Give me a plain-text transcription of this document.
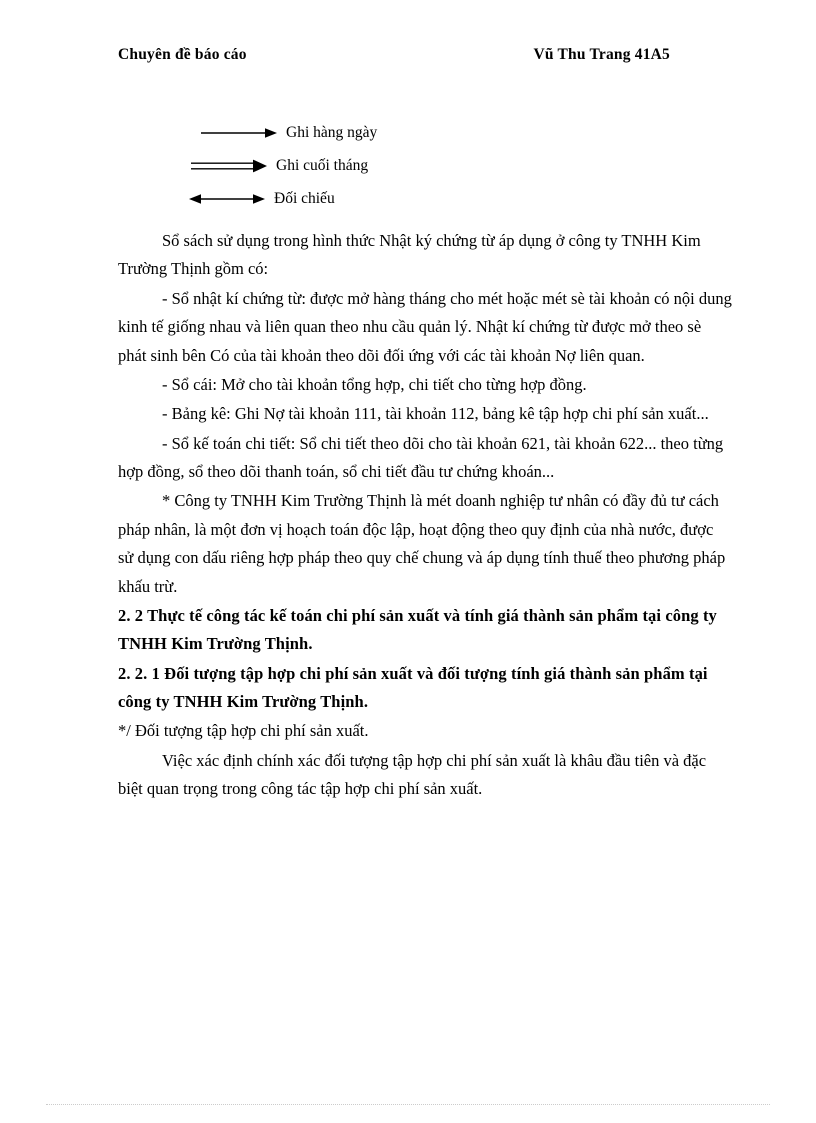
Chuyên đề báo cáo	Vũ Thu Trang 41A5
Ghi hàng ngày
Ghi cuối tháng
Đối chiếu

Sổ sách sử dụng trong hình thức Nhật ký chứng từ áp dụng ở công ty TNHH Kim Trường Thịnh gồm có:

- Sổ nhật kí chứng từ: được mở hàng tháng cho mét hoặc mét sè tài khoản có nội dung kinh tế giống nhau và liên quan theo nhu cầu quản lý. Nhật kí chứng từ được mở theo sè phát sinh bên Có của tài khoản theo dõi đối ứng với các tài khoản Nợ liên quan.

- Sổ cái: Mở cho tài khoản tổng hợp, chi tiết cho từng hợp đồng.

- Bảng kê: Ghi Nợ tài khoản 111, tài khoản 112, bảng kê tập hợp chi phí sản xuất...

- Sổ kế toán chi tiết: Sổ chi tiết theo dõi cho tài khoản 621, tài khoản 622... theo từng hợp đồng, sổ theo dõi thanh toán, sổ chi tiết đầu tư chứng khoán...

* Công ty TNHH Kim Trường Thịnh là mét doanh nghiệp tư nhân có đầy đủ tư cách pháp nhân, là một đơn vị hoạch toán độc lập, hoạt động theo quy định của nhà nước, được sử dụng con dấu riêng hợp pháp theo quy chế chung và áp dụng tính thuế theo phương pháp khấu trừ.

2. 2 Thực tế công tác kế toán chi phí sản xuất và tính giá thành sản phẩm tại công ty TNHH Kim Trường Thịnh.

2. 2. 1 Đối tượng tập hợp chi phí sản xuất và đối tượng tính giá thành sản phẩm tại công ty TNHH Kim Trường Thịnh.

*/ Đối tượng tập hợp chi phí sản xuất.

Việc xác định chính xác đối tượng tập hợp chi phí sản xuất là khâu đầu tiên và đặc biệt quan trọng trong công tác tập hợp chi phí sản xuất.
